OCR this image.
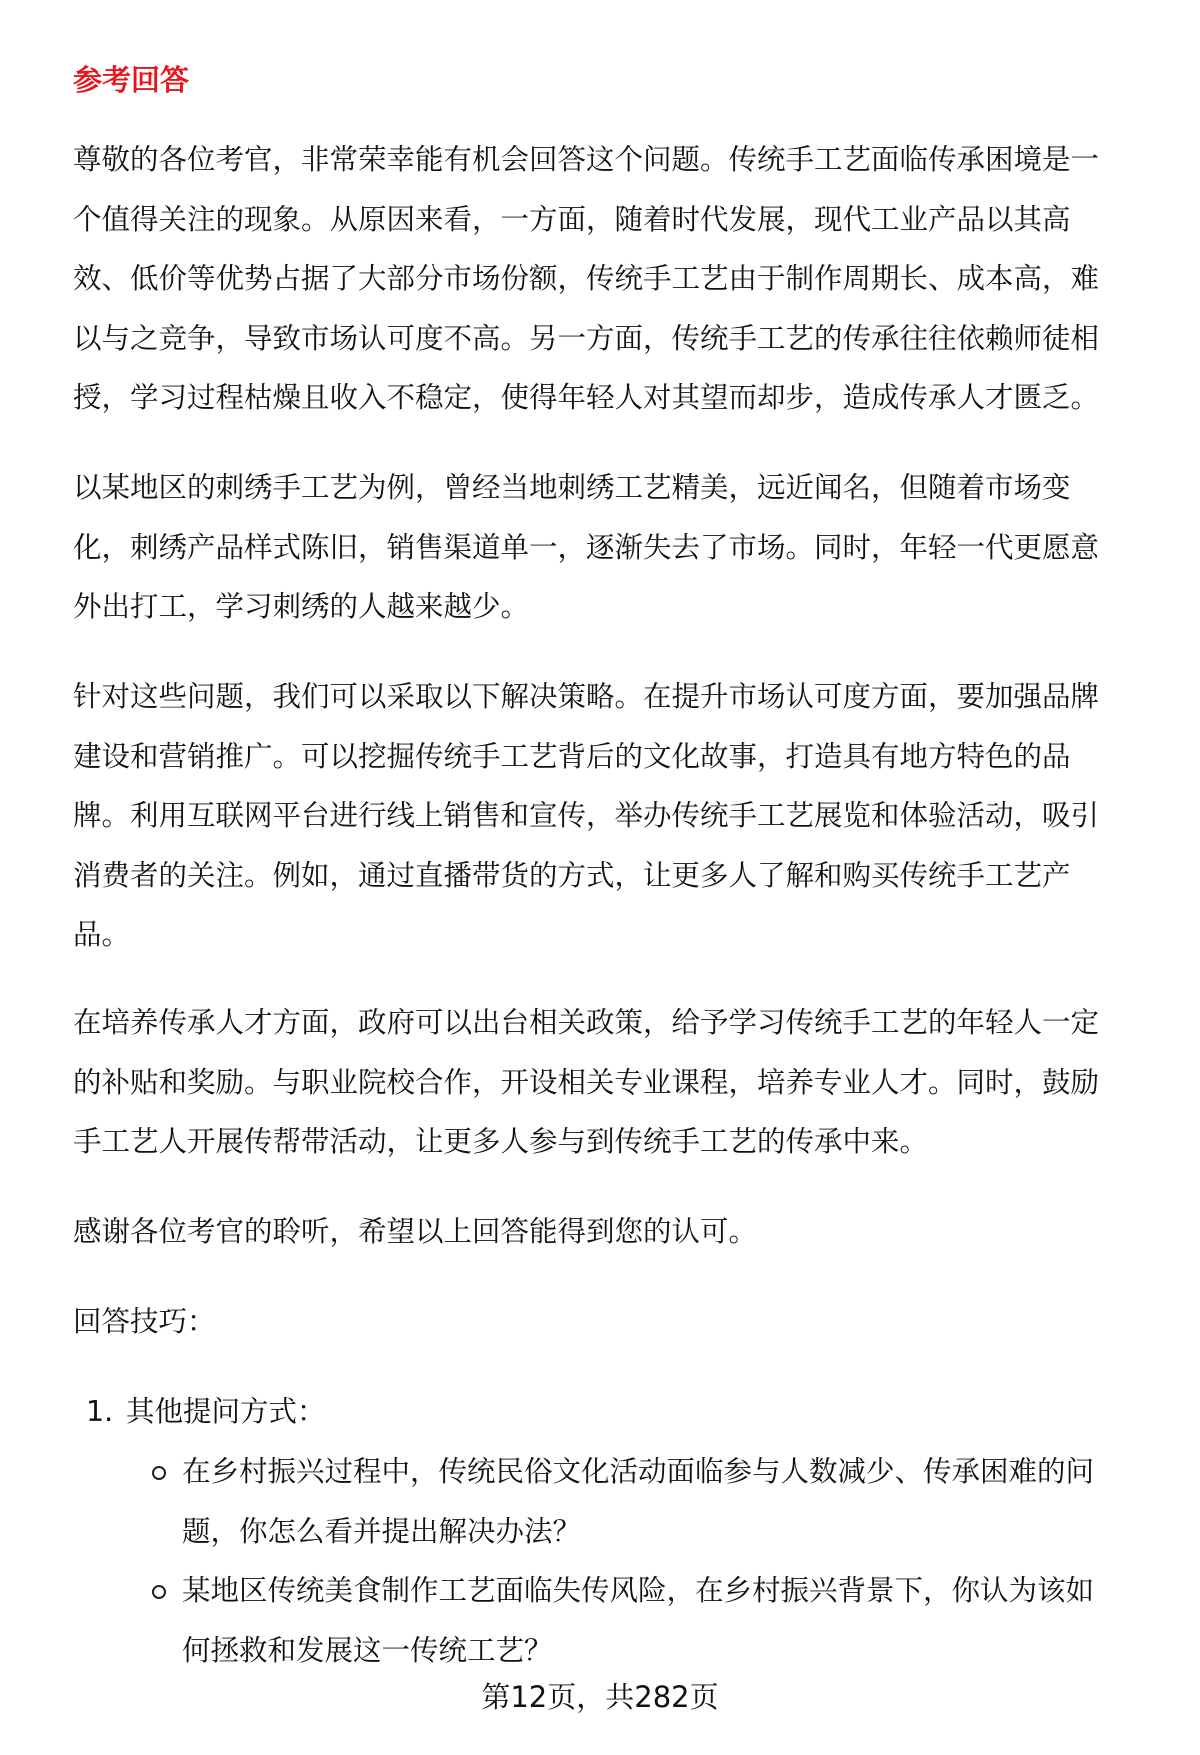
参考回答
尊敬的各位考官，非常荣幸能有机会回答这个问题。传统手工艺面临传承困境是一
个值得关注的现象。从原因来看，一方面，随着时代发展，现代工业产品以其高
效、低价等优势占据了大部分市场份额，传统手工艺由于制作周期长、成本高，难
以与之竞争，导致市场认可度不高。另一方面，传统手工艺的传承往往依赖师徒相
授，学习过程枯燥且收入不稳定，使得年轻人对其望而却步，造成传承人才匮乏。
以某地区的刺绣手工艺为例，曾经当地刺绣工艺精美，远近闻名，但随着市场变
化，刺绣产品样式陈旧，销售渠道单一，逐渐失去了市场。同时，年轻一代更愿意
外出打工，学习刺绣的人越来越少。
针对这些问题，我们可以采取以下解决策略。在提升市场认可度方面，要加强品牌
建设和营销推广。可以挖掘传统手工艺背后的文化故事，打造具有地方特色的品
牌。利用互联网平台进行线上销售和宣传，举办传统手工艺展览和体验活动，吸引
消费者的关注。例如，通过直播带货的方式，让更多人了解和购买传统手工艺产
品。
在培养传承人才方面，政府可以出台相关政策，给予学习传统手工艺的年轻人一定
的补贴和奖励。与职业院校合作，开设相关专业课程，培养专业人才。同时，鼓励
手工艺人开展传帮带活动，让更多人参与到传统手工艺的传承中来。
感谢各位考官的聆听，希望以上回答能得到您的认可。
回答技巧：
1. 其他提问方式：
在乡村振兴过程中，传统民俗文化活动面临参与人数减少、传承困难的问
题，你怎么看并提出解决办法？
某地区传统美食制作工艺面临失传风险，在乡村振兴背景下，你认为该如
何拯救和发展这一传统工艺？
第12页，共282页
